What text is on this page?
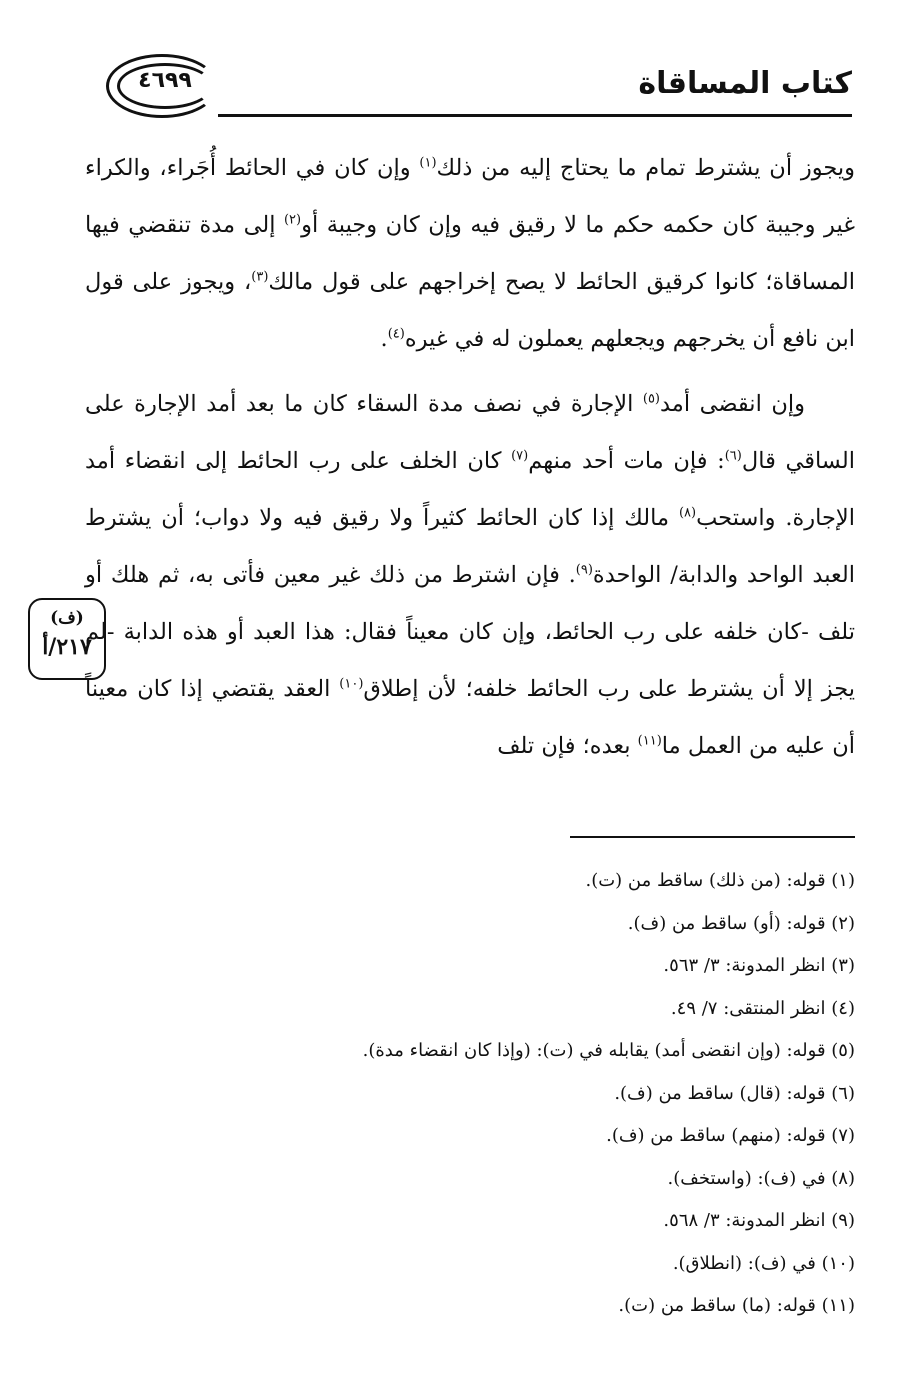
كتاب المساقاة
٤٦٩٩

ويجوز أن يشترط تمام ما يحتاج إليه من ذلك$^{(١)}$ وإن كان في الحائط أُجَراء، والكراء غير وجيبة كان حكمه حكم ما لا رقيق فيه وإن كان وجيبة أو$^{(٢)}$ إلى مدة تنقضي فيها المساقاة؛ كانوا كرقيق الحائط لا يصح إخراجهم على قول مالك$^{(٣)}$، ويجوز على قول ابن نافع أن يخرجهم ويجعلهم يعملون له في غيره$^{(٤)}$.

وإن انقضى أمد$^{(٥)}$ الإجارة في نصف مدة السقاء كان ما بعد أمد الإجارة على الساقي قال$^{(٦)}$: فإن مات أحد منهم$^{(٧)}$ كان الخلف على رب الحائط إلى انقضاء أمد الإجارة. واستحب$^{(٨)}$ مالك إذا كان الحائط كثيراً ولا رقيق فيه ولا دواب؛ أن يشترط العبد الواحد والدابة/ الواحدة$^{(٩)}$. فإن اشترط من ذلك غير معين فأتى به، ثم هلك أو تلف -كان خلفه على رب الحائط، وإن كان معيناً فقال: هذا العبد أو هذه الدابة -لم يجز إلا أن يشترط على رب الحائط خلفه؛ لأن إطلاق$^{(١٠)}$ العقد يقتضي إذا كان معيناً أن عليه من العمل ما$^{(١١)}$ بعده؛ فإن تلف

(ف)
٢١٧/أ
(١) قوله: (من ذلك) ساقط من (ت).
(٢) قوله: (أو) ساقط من (ف).
(٣) انظر المدونة: ٣/ ٥٦٣.
(٤) انظر المنتقى: ٧/ ٤٩.
(٥) قوله: (وإن انقضى أمد) يقابله في (ت): (وإذا كان انقضاء مدة).
(٦) قوله: (قال) ساقط من (ف).
(٧) قوله: (منهم) ساقط من (ف).
(٨) في (ف): (واستخف).
(٩) انظر المدونة: ٣/ ٥٦٨.
(١٠) في (ف): (انطلاق).
(١١) قوله: (ما) ساقط من (ت).
